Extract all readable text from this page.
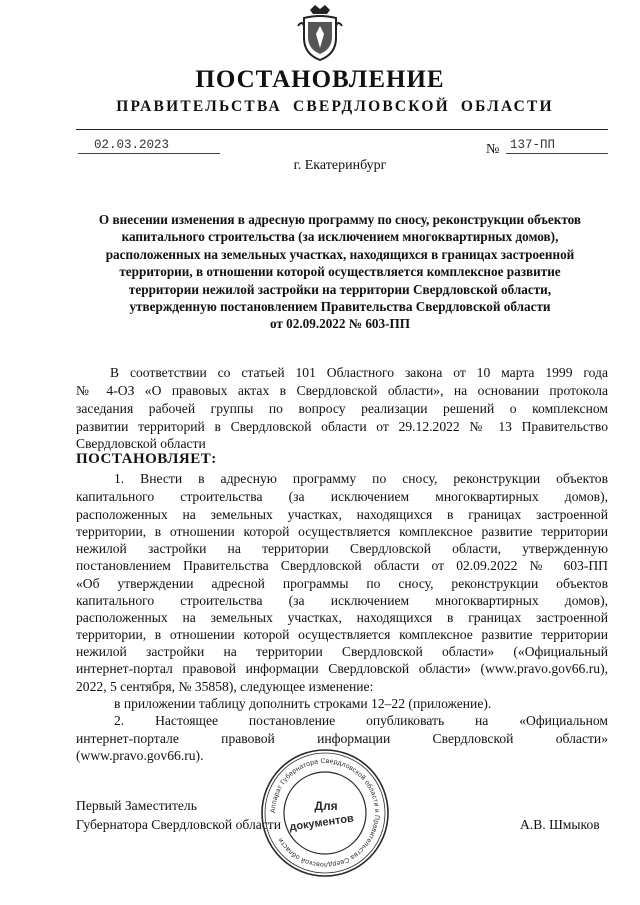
ПОСТАНОВЛЕНИЕ
ПРАВИТЕЛЬСТВА СВЕРДЛОВСКОЙ ОБЛАСТИ
02.03.2023	№ 137-ПП
г. Екатеринбург
О внесении изменения в адресную программу по сносу, реконструкции объектов
капитального строительства (за исключением многоквартирных домов),
расположенных на земельных участках, находящихся в границах застроенной
территории, в отношении которой осуществляется комплексное развитие
территории нежилой застройки на территории Свердловской области,
утвержденную постановлением Правительства Свердловской области
от 02.09.2022 № 603-ПП
В соответствии со статьей 101 Областного закона от 10 марта 1999 года
№ 4-ОЗ «О правовых актах в Свердловской области», на основании протокола
заседания рабочей группы по вопросу реализации решений о комплексном
развитии территорий в Свердловской области от 29.12.2022 № 13 Правительство
Свердловской области
ПОСТАНОВЛЯЕТ:
1. Внести в адресную программу по сносу, реконструкции объектов
капитального строительства (за исключением многоквартирных домов),
расположенных на земельных участках, находящихся в границах застроенной
территории, в отношении которой осуществляется комплексное развитие территории
нежилой застройки на территории Свердловской области, утвержденную
постановлением Правительства Свердловской области от 02.09.2022 № 603-ПП
«Об утверждении адресной программы по сносу, реконструкции объектов
капитального строительства (за исключением многоквартирных домов),
расположенных на земельных участках, находящихся в границах застроенной
территории, в отношении которой осуществляется комплексное развитие территории
нежилой застройки на территории Свердловской области» («Официальный
интернет-портал правовой информации Свердловской области» (www.pravo.gov66.ru),
2022, 5 сентября, № 35858), следующее изменение:
в приложении таблицу дополнить строками 12–22 (приложение).
2. Настоящее постановление опубликовать на «Официальном
интернет-портале правовой информации Свердловской области»
(www.pravo.gov66.ru).
Первый Заместитель
Губернатора Свердловской области	А.В. Шмыков
Аппарат Губернатора Свердловской области и Правительства Свердловской области
Для
документов
